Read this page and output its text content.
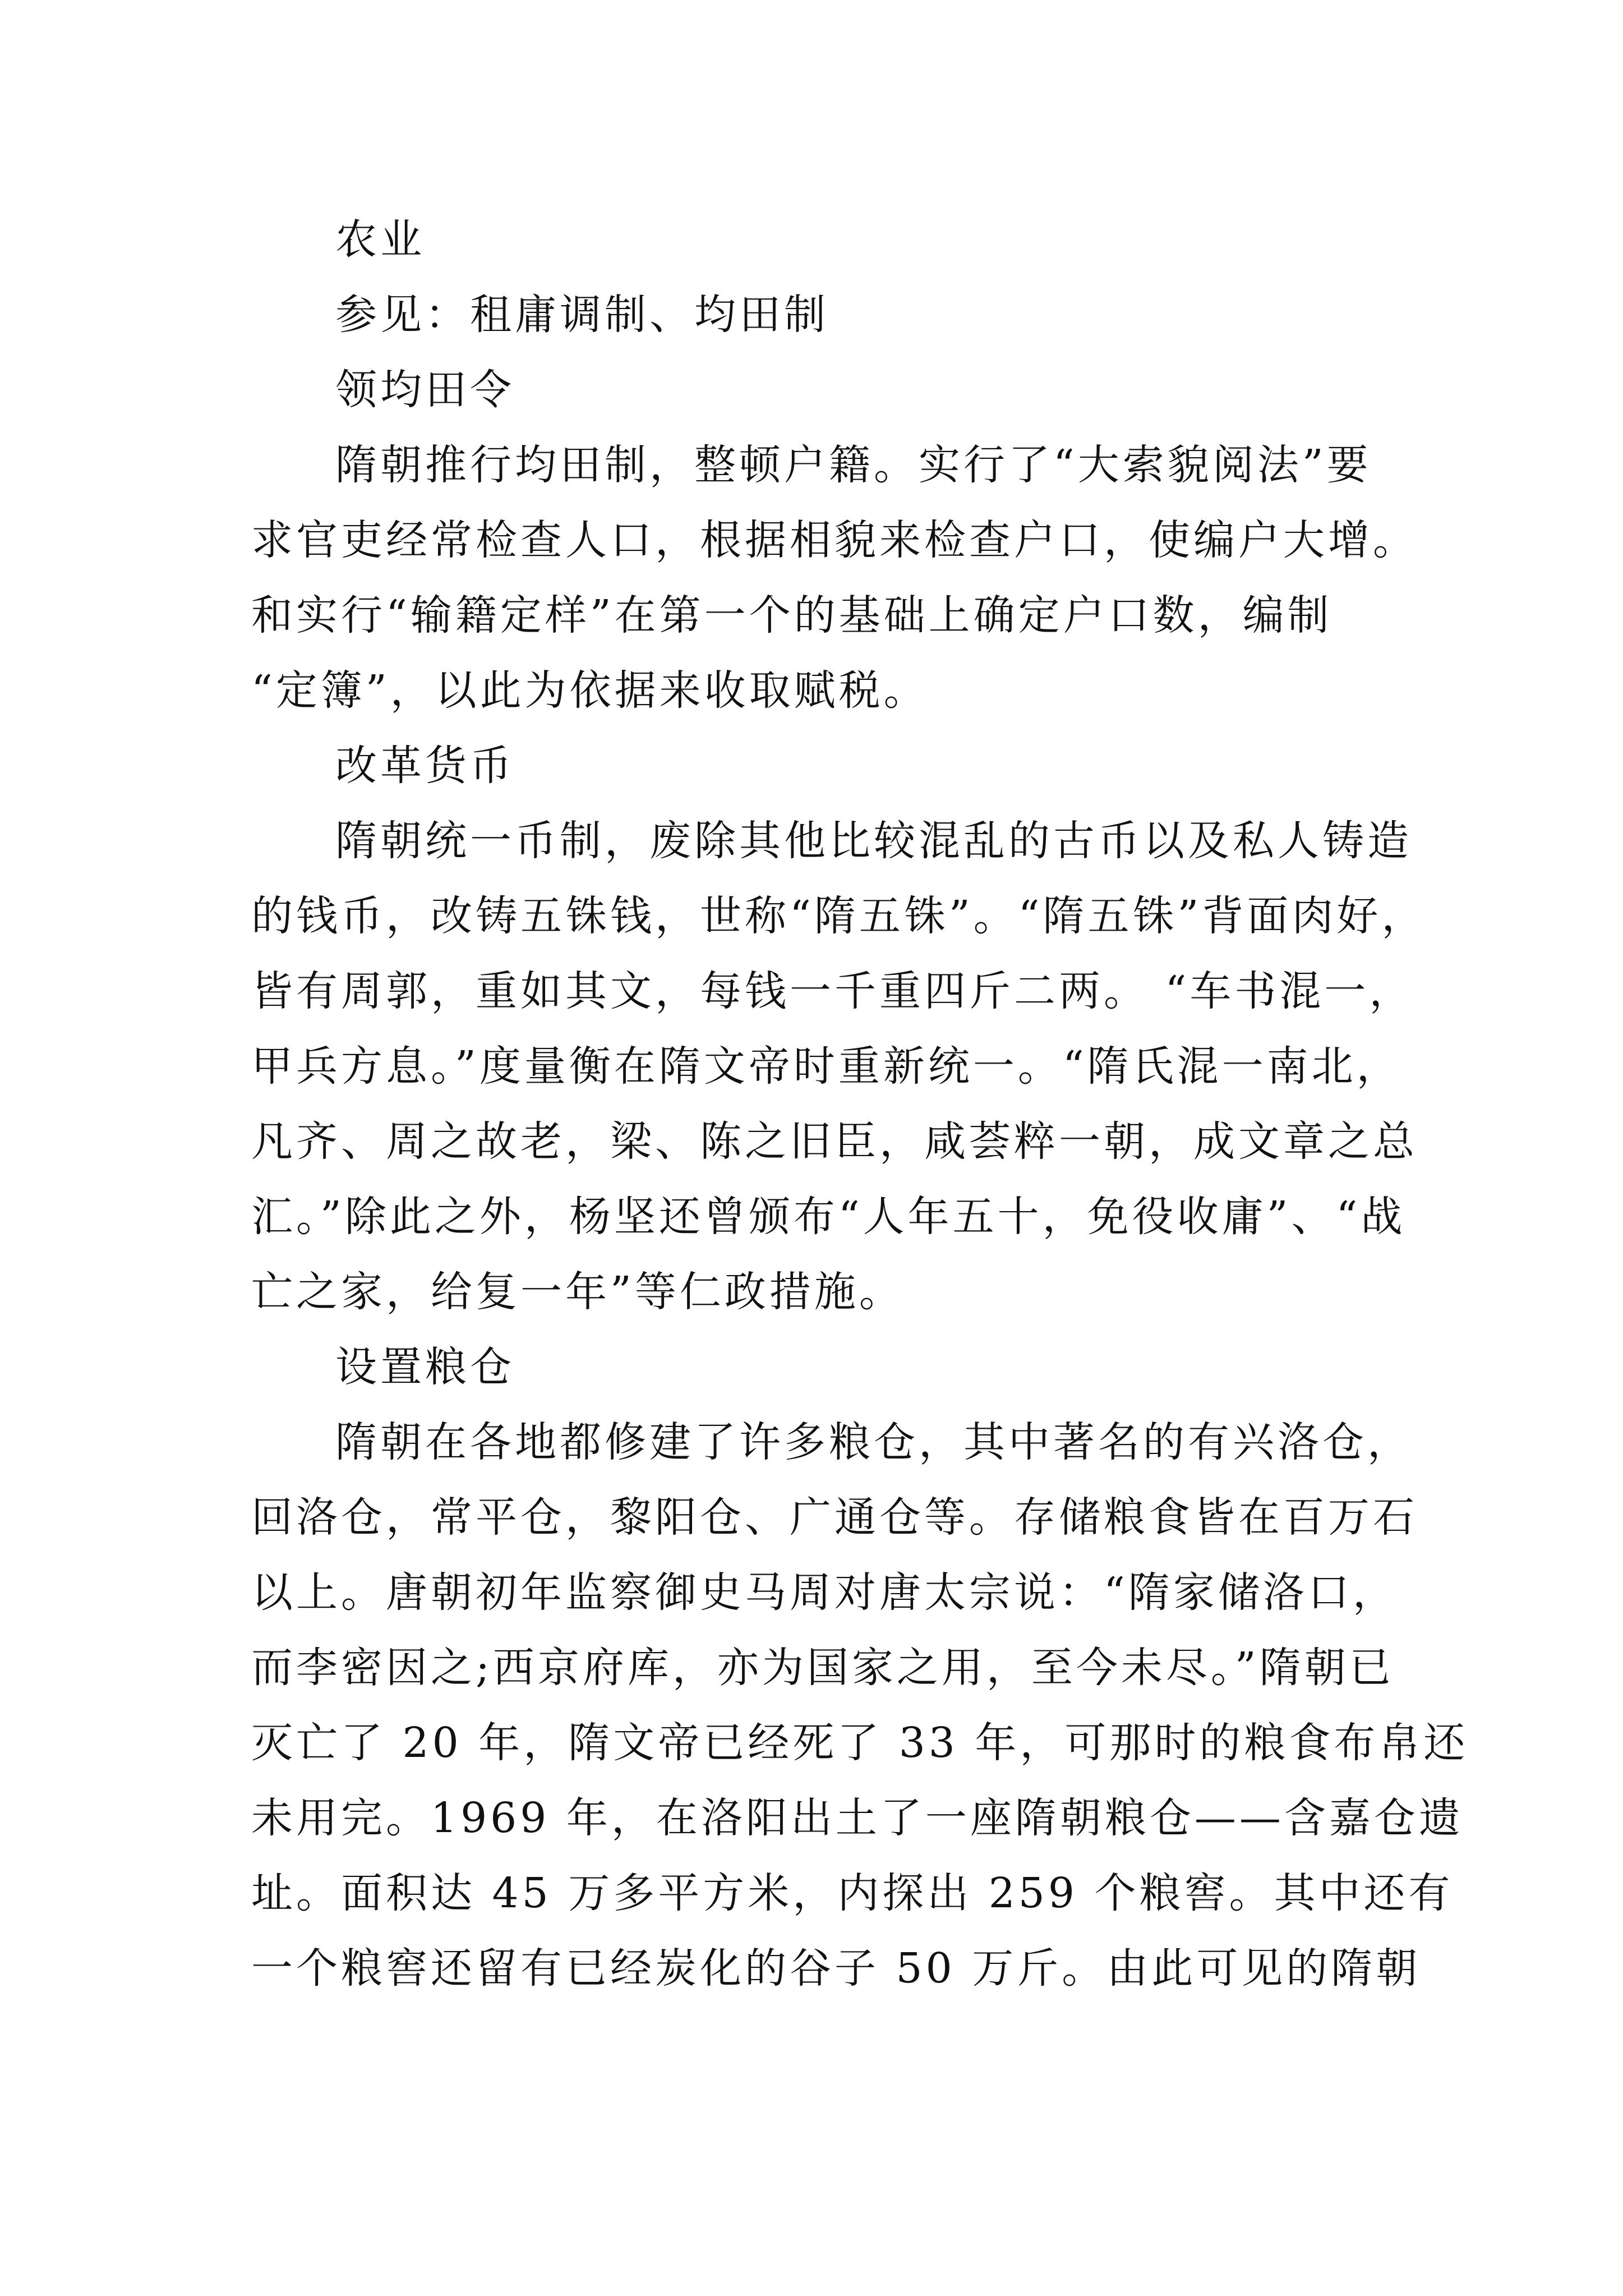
农业
参见：租庸调制、均田制
领均田令
隋朝推行均田制，整顿户籍。实行了“大索貌阅法”要
求官吏经常检查人口，根据相貌来检查户口，使编户大增。
和实行“输籍定样”在第一个的基础上确定户口数，编制
“定簿”，以此为依据来收取赋税。
改革货币
隋朝统一币制，废除其他比较混乱的古币以及私人铸造
的钱币，改铸五铢钱，世称“隋五铢”。“隋五铢”背面肉好，
皆有周郭，重如其文，每钱一千重四斤二两。 “车书混一，
甲兵方息。”度量衡在隋文帝时重新统一。“隋氏混一南北，
凡齐、周之故老，梁、陈之旧臣，咸荟粹一朝，成文章之总
汇。”除此之外，杨坚还曾颁布“人年五十，免役收庸”、“战
亡之家，给复一年”等仁政措施。
设置粮仓
隋朝在各地都修建了许多粮仓，其中著名的有兴洛仓，
回洛仓，常平仓，黎阳仓、广通仓等。存储粮食皆在百万石
以上。唐朝初年监察御史马周对唐太宗说：“隋家储洛口，
而李密因之;西京府库，亦为国家之用，至今未尽。”隋朝已
灭亡了 20 年，隋文帝已经死了 33 年，可那时的粮食布帛还
未用完。1969 年，在洛阳出土了一座隋朝粮仓——含嘉仓遗
址。面积达 45 万多平方米，内探出 259 个粮窖。其中还有
一个粮窖还留有已经炭化的谷子 50 万斤。由此可见的隋朝
